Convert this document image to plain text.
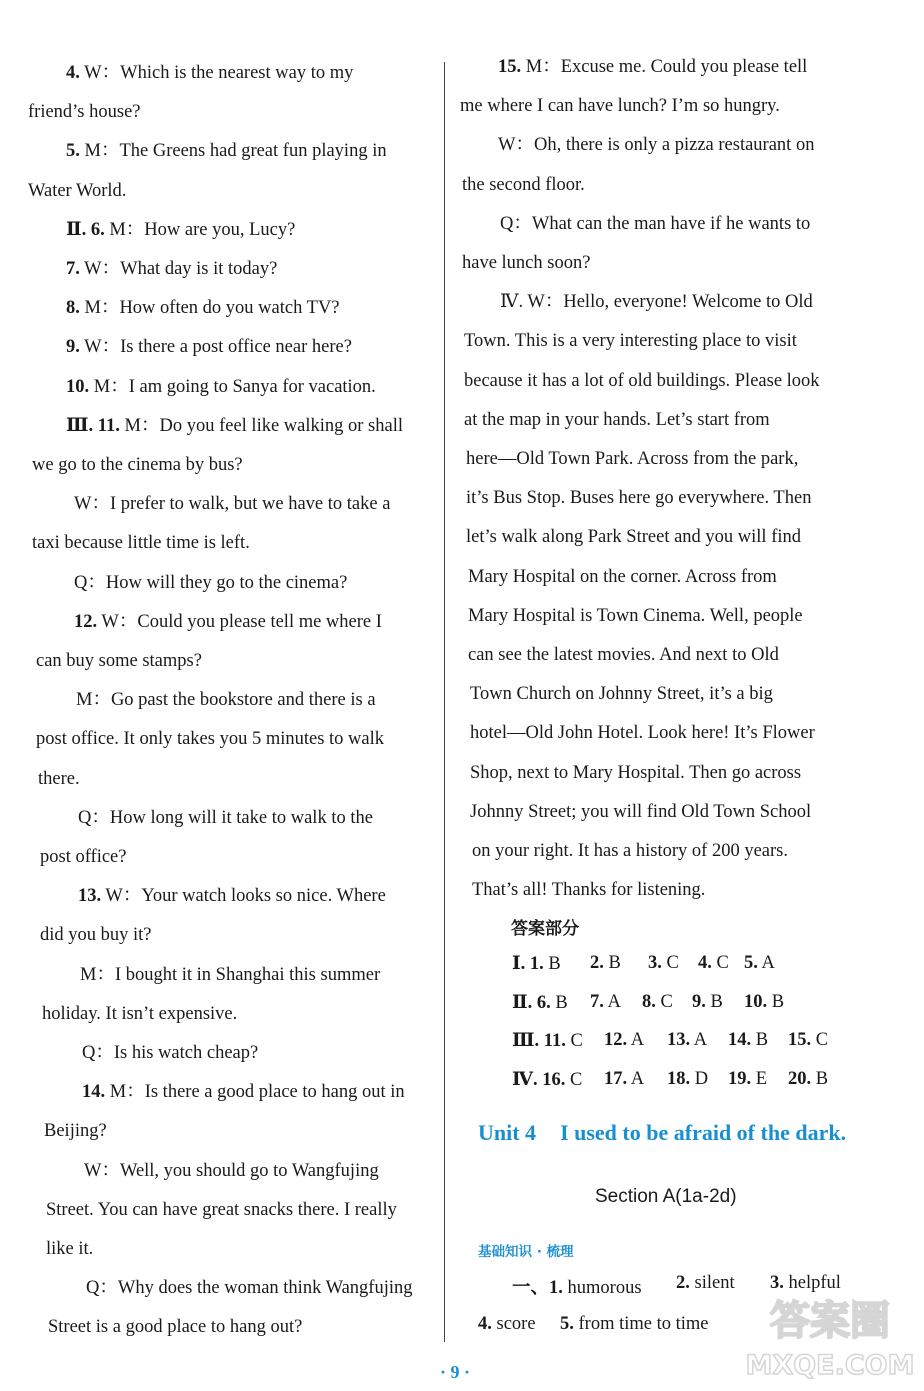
4. W：Which is the nearest way to my
friend’s house?
5. M：The Greens had great fun playing in
Water World.
Ⅱ. 6. M：How are you, Lucy?
7. W：What day is it today?
8. M：How often do you watch TV?
9. W：Is there a post office near here?
10. M：I am going to Sanya for vacation.
Ⅲ. 11. M：Do you feel like walking or shall
we go to the cinema by bus?
W：I prefer to walk, but we have to take a
taxi because little time is left.
Q：How will they go to the cinema?
12. W：Could you please tell me where I
can buy some stamps?
M：Go past the bookstore and there is a
post office. It only takes you 5 minutes to walk
there.
Q：How long will it take to walk to the
post office?
13. W：Your watch looks so nice. Where
did you buy it?
M：I bought it in Shanghai this summer
holiday. It isn’t expensive.
Q：Is his watch cheap?
14. M：Is there a good place to hang out in
Beijing?
W：Well, you should go to Wangfujing
Street. You can have great snacks there. I really
like it.
Q：Why does the woman think Wangfujing
Street is a good place to hang out?
15. M：Excuse me. Could you please tell
me where I can have lunch? I’m so hungry.
W：Oh, there is only a pizza restaurant on
the second floor.
Q：What can the man have if he wants to
have lunch soon?
Ⅳ. W：Hello, everyone! Welcome to Old
Town. This is a very interesting place to visit
because it has a lot of old buildings. Please look
at the map in your hands. Let’s start from
here—Old Town Park. Across from the park,
it’s Bus Stop. Buses here go everywhere. Then
let’s walk along Park Street and you will find
Mary Hospital on the corner. Across from
Mary Hospital is Town Cinema. Well, people
can see the latest movies. And next to Old
Town Church on Johnny Street, it’s a big
hotel—Old John Hotel. Look here! It’s Flower
Shop, next to Mary Hospital. Then go across
Johnny Street; you will find Old Town School
on your right. It has a history of 200 years.
That’s all! Thanks for listening.
答案部分
Ⅰ. 1. B 2. B 3. C 4. C 5. A
Ⅱ. 6. B 7. A 8. C 9. B 10. B
Ⅲ. 11. C 12. A 13. A 14. B 15. C
Ⅳ. 16. C 17. A 18. D 19. E 20. B
Unit 4 I used to be afraid of the dark.
Section A(1a-2d)
基础知识 · 梳理
一、1. humorous 2. silent 3. helpful
4. score 5. from time to time
· 9 ·
答案圈
MXQE.COM
